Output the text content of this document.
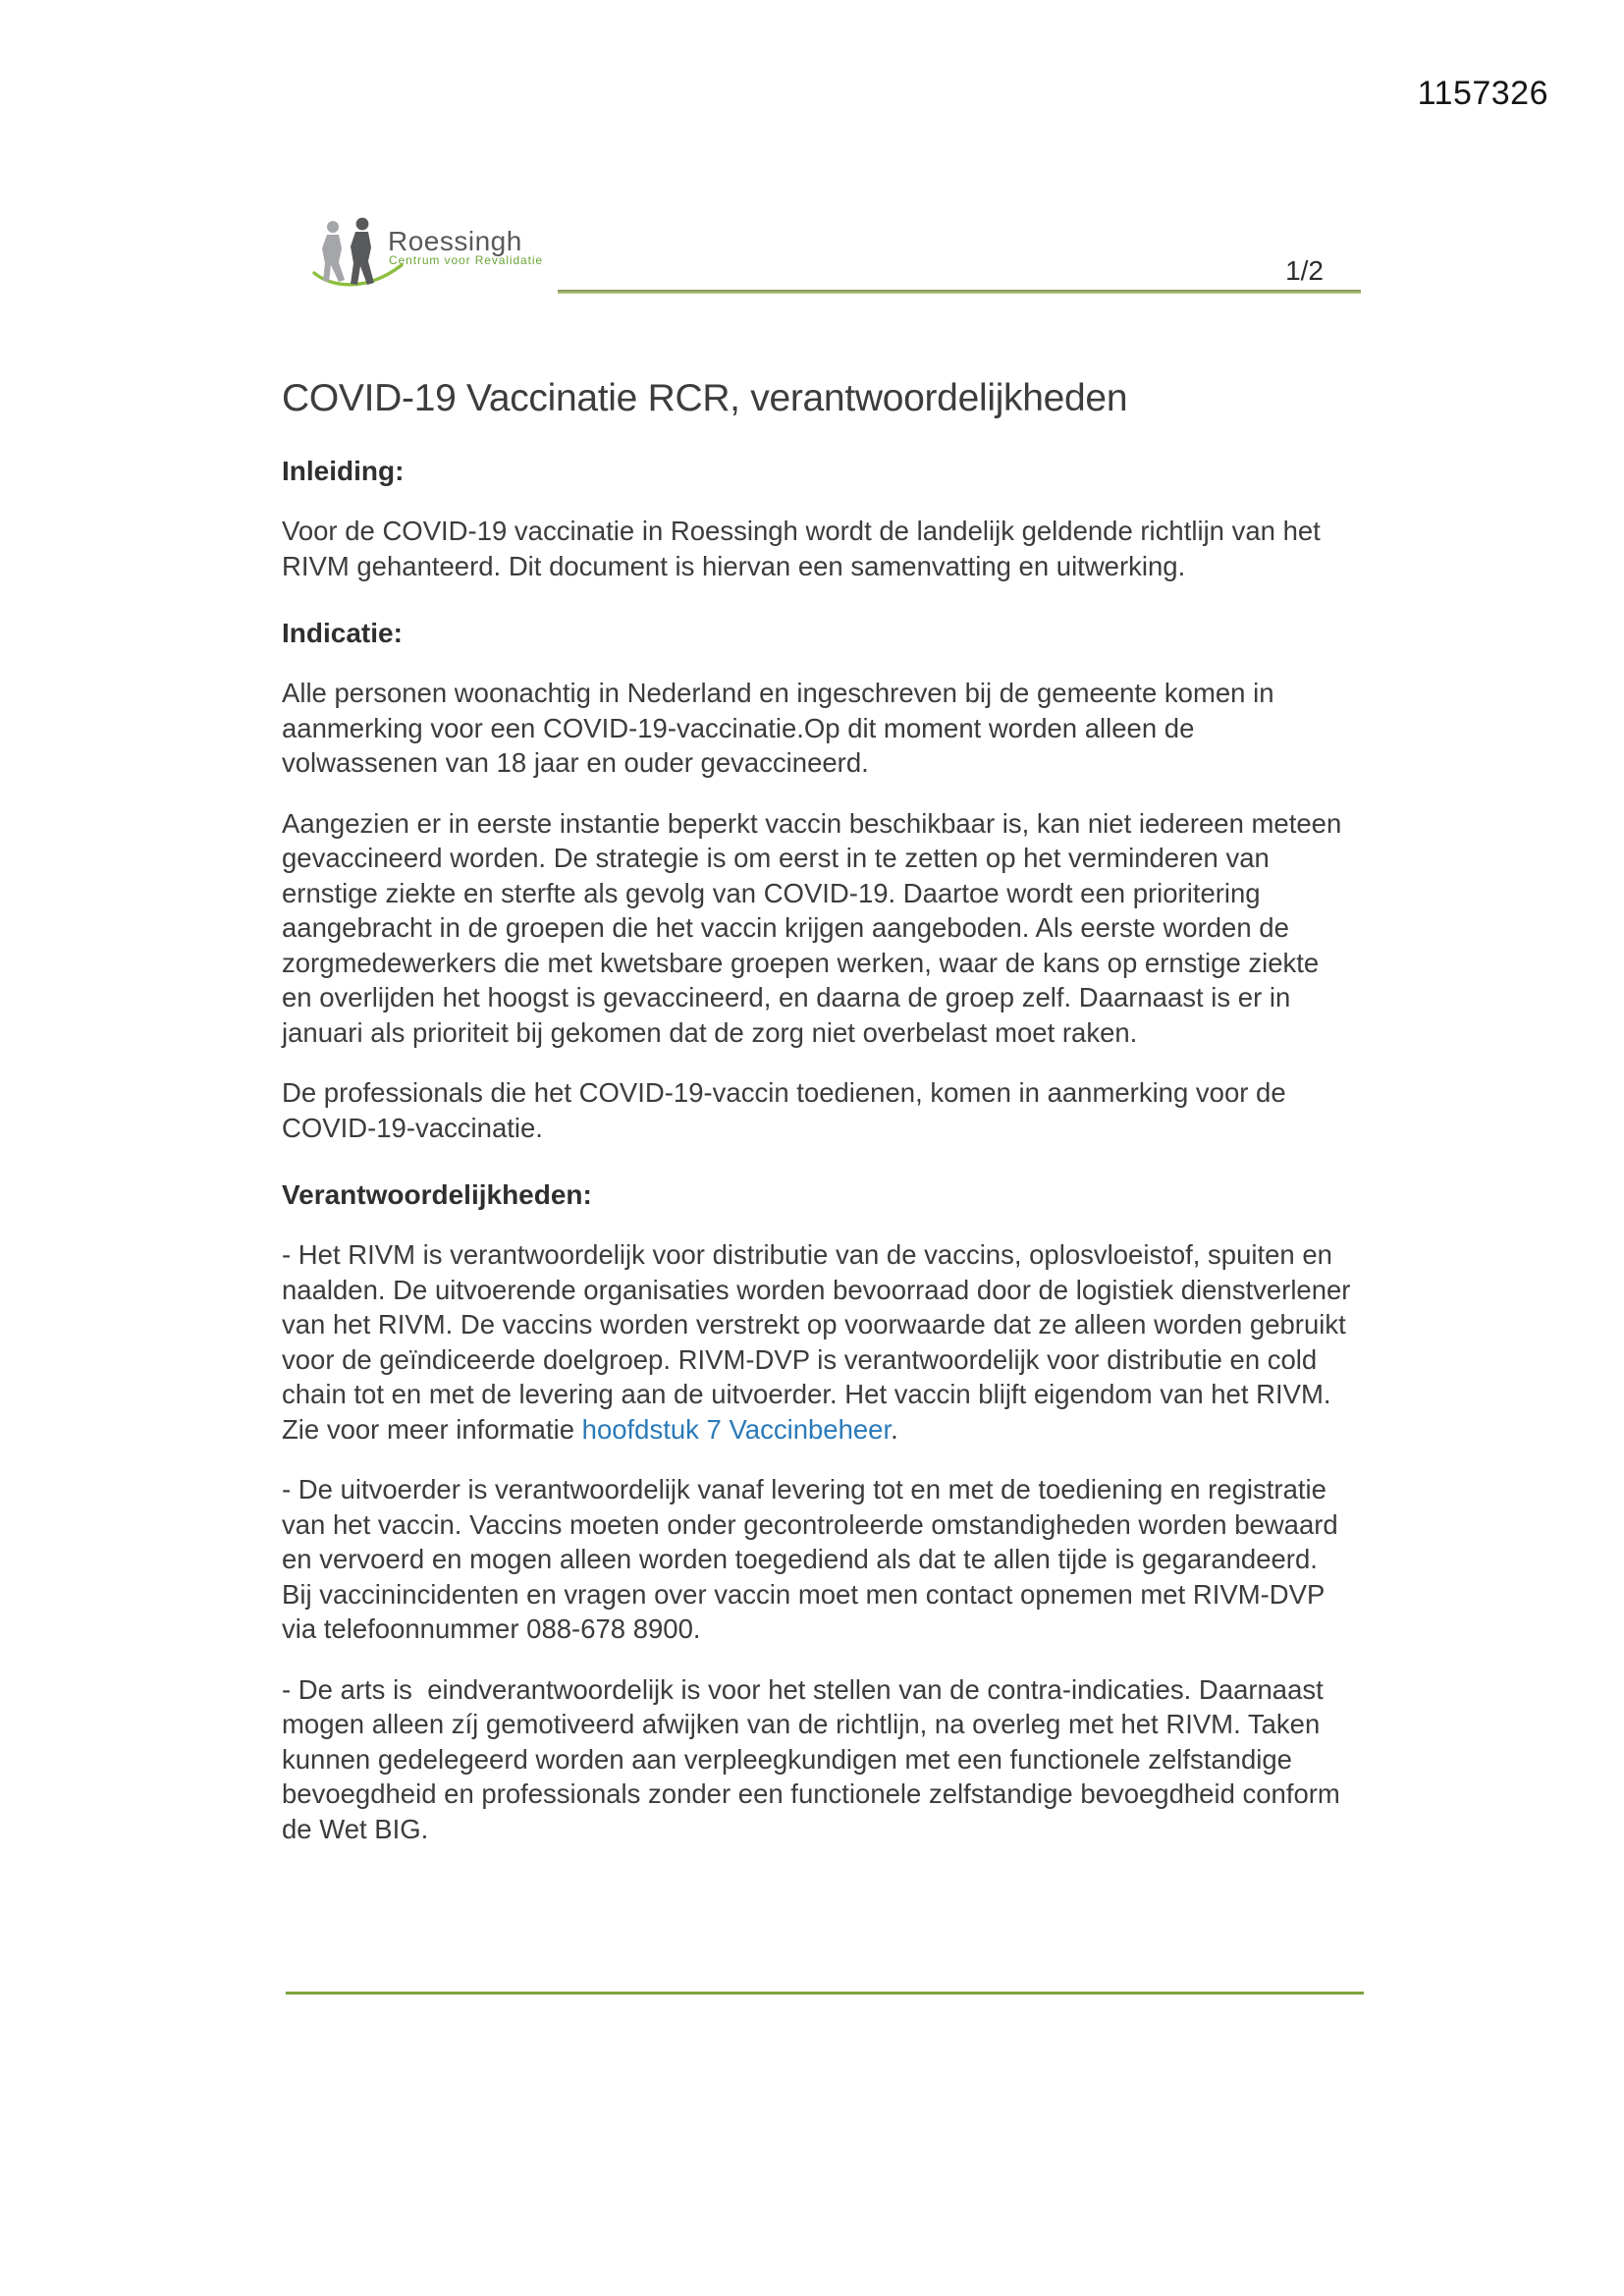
1157326
Roessingh
Centrum voor Revalidatie	1/2
COVID-19 Vaccinatie RCR, verantwoordelijkheden
Inleiding:

Voor de COVID-19 vaccinatie in Roessingh wordt de landelijk geldende richtlijn van het RIVM gehanteerd. Dit document is hiervan een samenvatting en uitwerking.

Indicatie:

Alle personen woonachtig in Nederland en ingeschreven bij de gemeente komen in aanmerking voor een COVID-19-vaccinatie.Op dit moment worden alleen de volwassenen van 18 jaar en ouder gevaccineerd.

Aangezien er in eerste instantie beperkt vaccin beschikbaar is, kan niet iedereen meteen gevaccineerd worden. De strategie is om eerst in te zetten op het verminderen van ernstige ziekte en sterfte als gevolg van COVID-19. Daartoe wordt een prioritering aangebracht in de groepen die het vaccin krijgen aangeboden. Als eerste worden de zorgmedewerkers die met kwetsbare groepen werken, waar de kans op ernstige ziekte en overlijden het hoogst is gevaccineerd, en daarna de groep zelf. Daarnaast is er in januari als prioriteit bij gekomen dat de zorg niet overbelast moet raken.

De professionals die het COVID-19-vaccin toedienen, komen in aanmerking voor de COVID-19-vaccinatie.

Verantwoordelijkheden:

- Het RIVM is verantwoordelijk voor distributie van de vaccins, oplosvloeistof, spuiten en naalden. De uitvoerende organisaties worden bevoorraad door de logistiek dienstverlener van het RIVM. De vaccins worden verstrekt op voorwaarde dat ze alleen worden gebruikt voor de geïndiceerde doelgroep. RIVM-DVP is verantwoordelijk voor distributie en cold chain tot en met de levering aan de uitvoerder. Het vaccin blijft eigendom van het RIVM. Zie voor meer informatie hoofdstuk 7 Vaccinbeheer.

- De uitvoerder is verantwoordelijk vanaf levering tot en met de toediening en registratie van het vaccin. Vaccins moeten onder gecontroleerde omstandigheden worden bewaard en vervoerd en mogen alleen worden toegediend als dat te allen tijde is gegarandeerd. Bij vaccinincidenten en vragen over vaccin moet men contact opnemen met RIVM-DVP via telefoonnummer 088-678 8900.

- De arts is  eindverantwoordelijk is voor het stellen van de contra-indicaties. Daarnaast mogen alleen zíj gemotiveerd afwijken van de richtlijn, na overleg met het RIVM. Taken kunnen gedelegeerd worden aan verpleegkundigen met een functionele zelfstandige bevoegdheid en professionals zonder een functionele zelfstandige bevoegdheid conform de Wet BIG.
